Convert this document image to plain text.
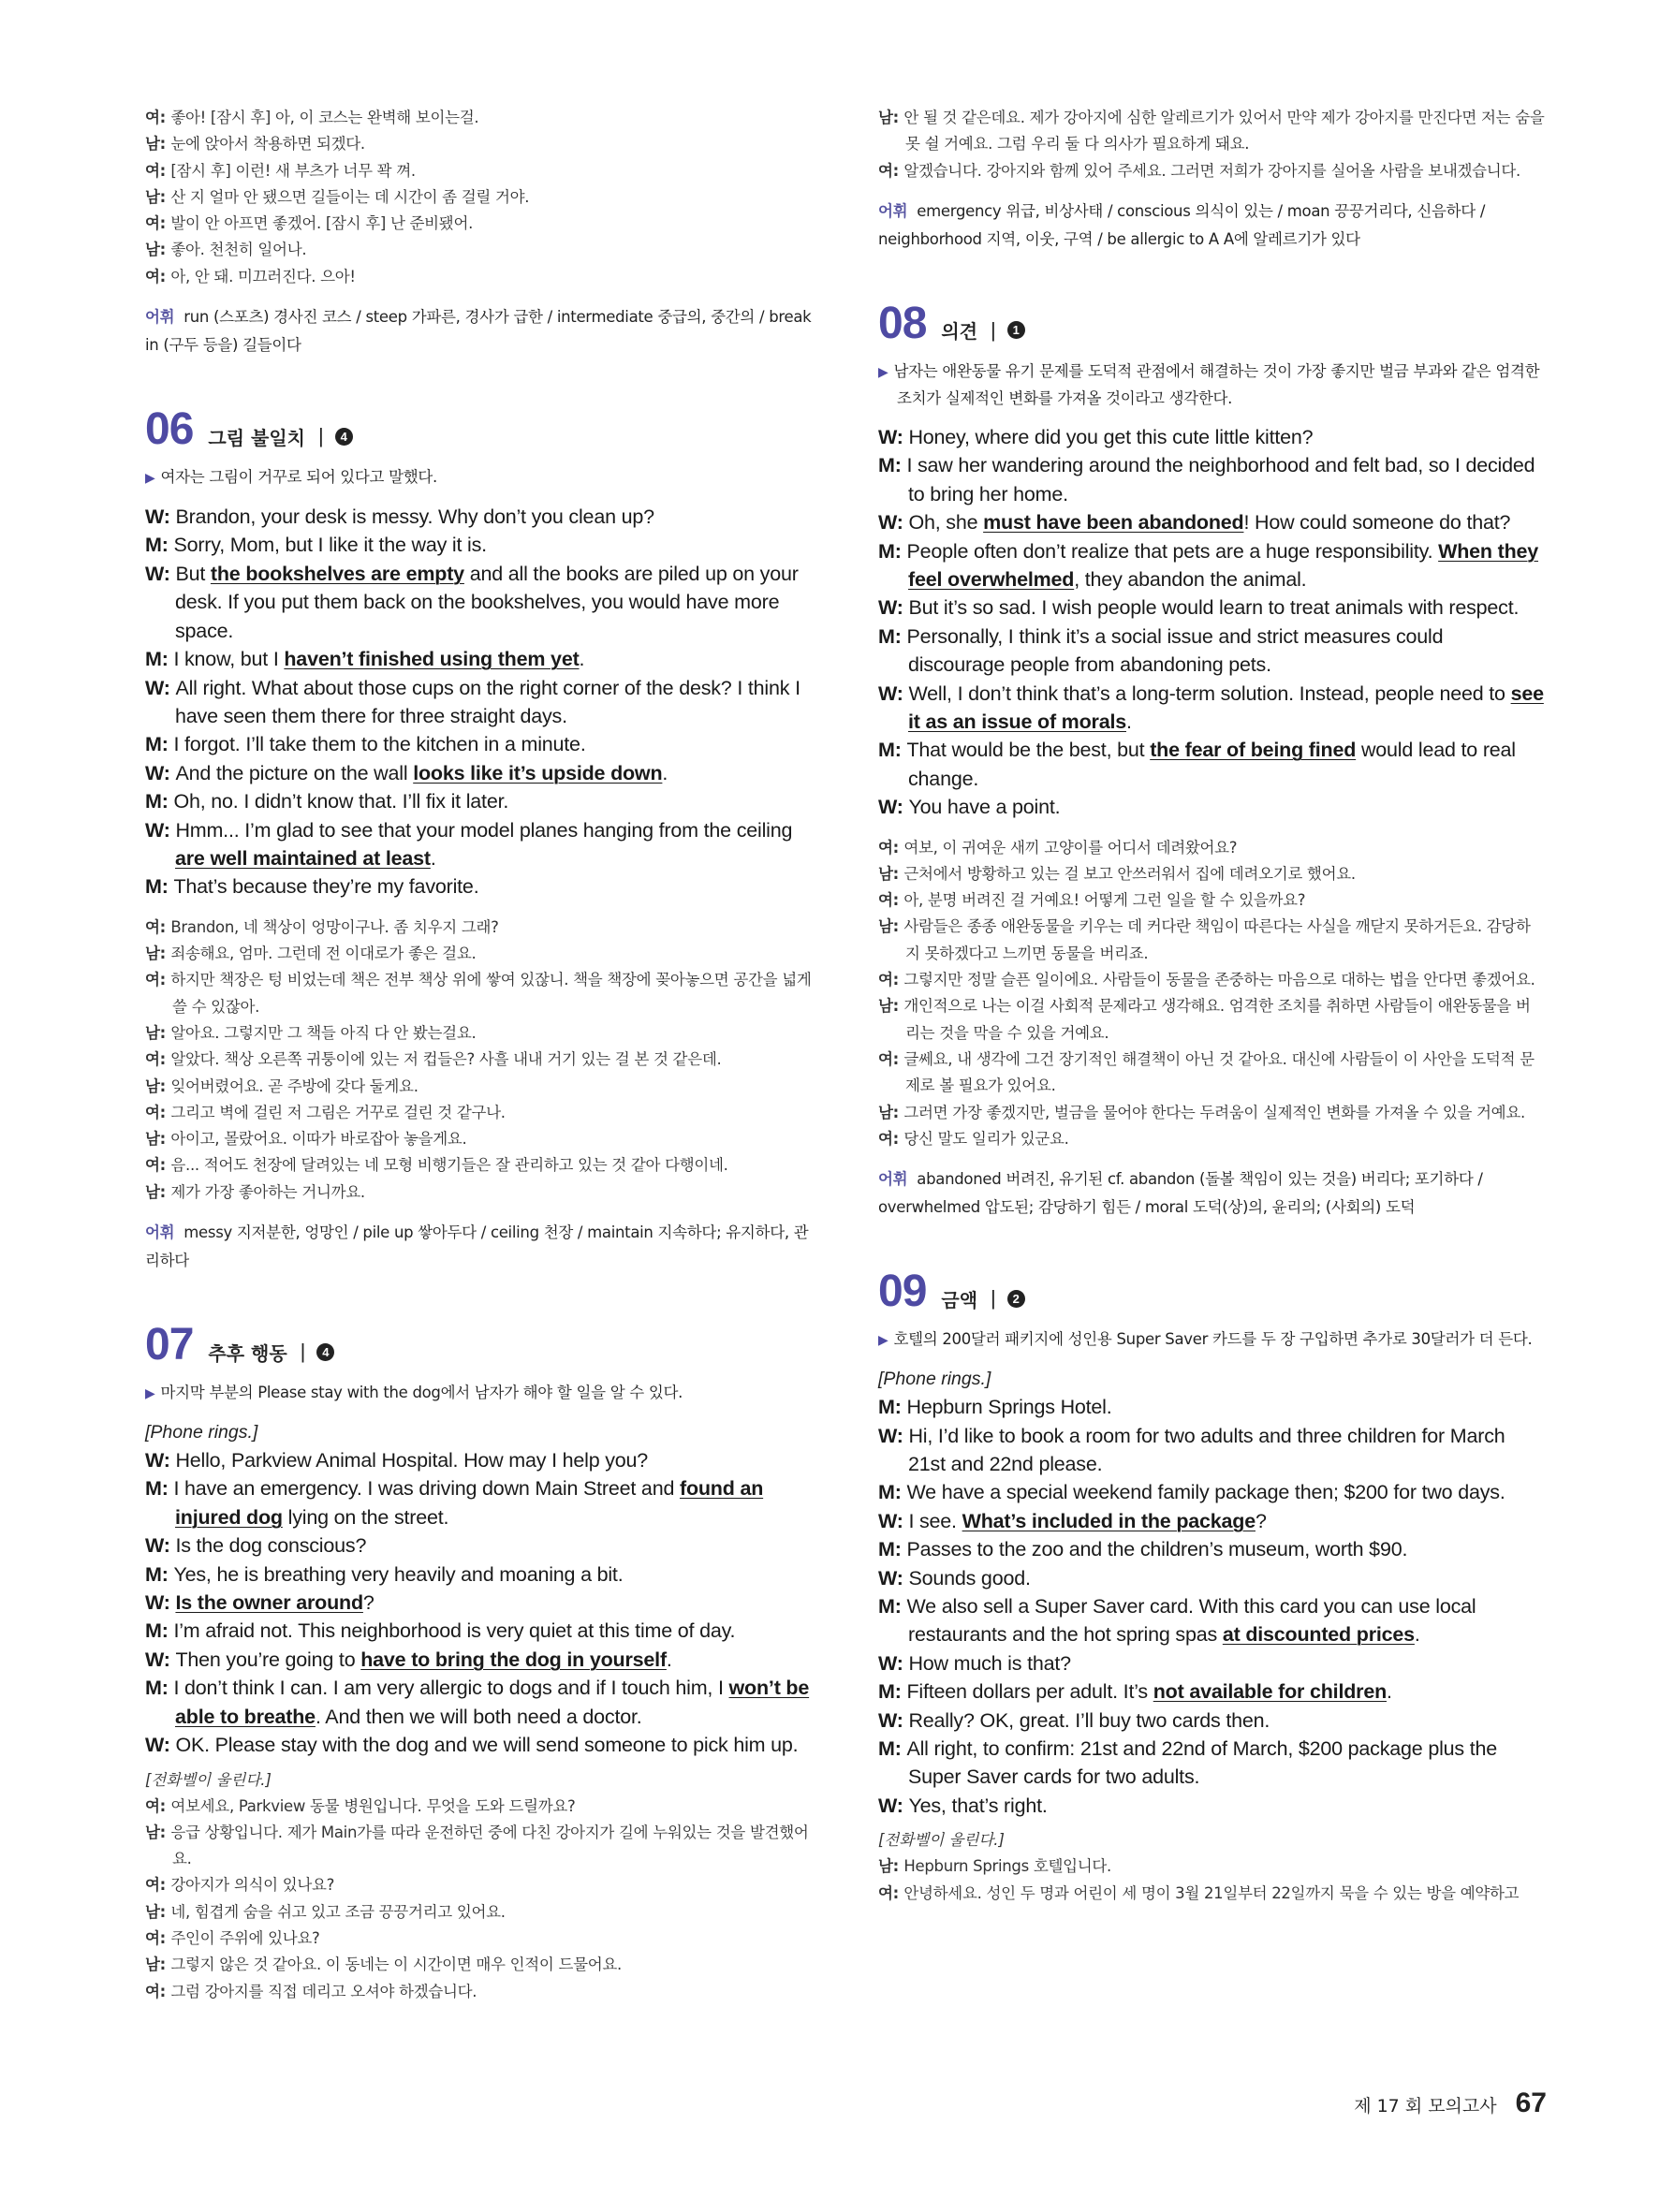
여: 좋아! [잠시 후] 아, 이 코스는 완벽해 보이는걸.
남: 눈에 앉아서 착용하면 되겠다.
여: [잠시 후] 이런! 새 부츠가 너무 꽉 껴.
남: 산 지 얼마 안 됐으면 길들이는 데 시간이 좀 걸릴 거야.
여: 발이 안 아프면 좋겠어. [잠시 후] 난 준비됐어.
남: 좋아. 천천히 일어나.
여: 아, 안 돼. 미끄러진다. 으아!
어휘 run (스포츠) 경사진 코스 / steep 가파른, 경사가 급한 / intermediate 중급의, 중간의 / break in (구두 등을) 길들이다
06 그림 불일치 |	4
▶ 여자는 그림이 거꾸로 되어 있다고 말했다.
W: Brandon, your desk is messy. Why don’t you clean up?
M: Sorry, Mom, but I like it the way it is.
W: But the bookshelves are empty and all the books are piled up on your desk. If you put them back on the bookshelves, you would have more space.
M: I know, but I haven’t finished using them yet.
W: All right. What about those cups on the right corner of the desk? I think I have seen them there for three straight days.
M: I forgot. I’ll take them to the kitchen in a minute.
W: And the picture on the wall looks like it’s upside down.
M: Oh, no. I didn’t know that. I’ll fix it later.
W: Hmm... I’m glad to see that your model planes hanging from the ceiling are well maintained at least.
M: That’s because they’re my favorite.
여: Brandon, 네 책상이 엉망이구나. 좀 치우지 그래?
남: 죄송해요, 엄마. 그런데 전 이대로가 좋은 걸요.
여: 하지만 책장은 텅 비었는데 책은 전부 책상 위에 쌓여 있잖니. 책을 책장에 꽂아놓으면 공간을 넓게 쓸 수 있잖아.
남: 알아요. 그렇지만 그 책들 아직 다 안 봤는걸요.
여: 알았다. 책상 오른쪽 귀퉁이에 있는 저 컵들은? 사흘 내내 거기 있는 걸 본 것 같은데.
남: 잊어버렸어요. 곧 주방에 갖다 둘게요.
여: 그리고 벽에 걸린 저 그림은 거꾸로 걸린 것 같구나.
남: 아이고, 몰랐어요. 이따가 바로잡아 놓을게요.
여: 음... 적어도 천장에 달려있는 네 모형 비행기들은 잘 관리하고 있는 것 같아 다행이네.
남: 제가 가장 좋아하는 거니까요.
어휘 messy 지저분한, 엉망인 / pile up 쌓아두다 / ceiling 천장 / maintain 지속하다; 유지하다, 관리하다
07 추후 행동 |	4
▶ 마지막 부분의 Please stay with the dog에서 남자가 해야 할 일을 알 수 있다.
[Phone rings.]
W: Hello, Parkview Animal Hospital. How may I help you?
M: I have an emergency. I was driving down Main Street and found an injured dog lying on the street.
W: Is the dog conscious?
M: Yes, he is breathing very heavily and moaning a bit.
W: Is the owner around?
M: I’m afraid not. This neighborhood is very quiet at this time of day.
W: Then you’re going to have to bring the dog in yourself.
M: I don’t think I can. I am very allergic to dogs and if I touch him, I won’t be able to breathe. And then we will both need a doctor.
W: OK. Please stay with the dog and we will send someone to pick him up.
[전화벨이 울린다.]
여: 여보세요, Parkview 동물 병원입니다. 무엇을 도와 드릴까요?
남: 응급 상황입니다. 제가 Main가를 따라 운전하던 중에 다친 강아지가 길에 누워있는 것을 발견했어요.
여: 강아지가 의식이 있나요?
남: 네, 힘겹게 숨을 쉬고 있고 조금 끙끙거리고 있어요.
여: 주인이 주위에 있나요?
남: 그렇지 않은 것 같아요. 이 동네는 이 시간이면 매우 인적이 드물어요.
여: 그럼 강아지를 직접 데리고 오셔야 하겠습니다.
남: 안 될 것 같은데요. 제가 강아지에 심한 알레르기가 있어서 만약 제가 강아지를 만진다면 저는 숨을 못 쉴 거예요. 그럼 우리 둘 다 의사가 필요하게 돼요.
여: 알겠습니다. 강아지와 함께 있어 주세요. 그러면 저희가 강아지를 실어올 사람을 보내겠습니다.
어휘 emergency 위급, 비상사태 / conscious 의식이 있는 / moan 끙끙거리다, 신음하다 / neighborhood 지역, 이웃, 구역 / be allergic to A A에 알레르기가 있다
08 의견 |	1
▶ 남자는 애완동물 유기 문제를 도덕적 관점에서 해결하는 것이 가장 좋지만 벌금 부과와 같은 엄격한 조치가 실제적인 변화를 가져올 것이라고 생각한다.
W: Honey, where did you get this cute little kitten?
M: I saw her wandering around the neighborhood and felt bad, so I decided to bring her home.
W: Oh, she must have been abandoned! How could someone do that?
M: People often don’t realize that pets are a huge responsibility. When they feel overwhelmed, they abandon the animal.
W: But it’s so sad. I wish people would learn to treat animals with respect.
M: Personally, I think it’s a social issue and strict measures could discourage people from abandoning pets.
W: Well, I don’t think that’s a long-term solution. Instead, people need to see it as an issue of morals.
M: That would be the best, but the fear of being fined would lead to real change.
W: You have a point.
여: 여보, 이 귀여운 새끼 고양이를 어디서 데려왔어요?
남: 근처에서 방황하고 있는 걸 보고 안쓰러워서 집에 데려오기로 했어요.
여: 아, 분명 버려진 걸 거예요! 어떻게 그런 일을 할 수 있을까요?
남: 사람들은 종종 애완동물을 키우는 데 커다란 책임이 따른다는 사실을 깨닫지 못하거든요. 감당하지 못하겠다고 느끼면 동물을 버리죠.
여: 그렇지만 정말 슬픈 일이에요. 사람들이 동물을 존중하는 마음으로 대하는 법을 안다면 좋겠어요.
남: 개인적으로 나는 이걸 사회적 문제라고 생각해요. 엄격한 조치를 취하면 사람들이 애완동물을 버리는 것을 막을 수 있을 거예요.
여: 글쎄요, 내 생각에 그건 장기적인 해결책이 아닌 것 같아요. 대신에 사람들이 이 사안을 도덕적 문제로 볼 필요가 있어요.
남: 그러면 가장 좋겠지만, 벌금을 물어야 한다는 두려움이 실제적인 변화를 가져올 수 있을 거예요.
여: 당신 말도 일리가 있군요.
어휘 abandoned 버려진, 유기된 cf. abandon (돌볼 책임이 있는 것을) 버리다; 포기하다 / overwhelmed 압도된; 감당하기 힘든 / moral 도덕(상)의, 윤리의; (사회의) 도덕
09 금액 |	2
▶ 호텔의 200달러 패키지에 성인용 Super Saver 카드를 두 장 구입하면 추가로 30달러가 더 든다.
[Phone rings.]
M: Hepburn Springs Hotel.
W: Hi, I’d like to book a room for two adults and three children for March 21st and 22nd please.
M: We have a special weekend family package then; $200 for two days.
W: I see. What’s included in the package?
M: Passes to the zoo and the children’s museum, worth $90.
W: Sounds good.
M: We also sell a Super Saver card. With this card you can use local restaurants and the hot spring spas at discounted prices.
W: How much is that?
M: Fifteen dollars per adult. It’s not available for children.
W: Really? OK, great. I’ll buy two cards then.
M: All right, to confirm: 21st and 22nd of March, $200 package plus the Super Saver cards for two adults.
W: Yes, that’s right.
[전화벨이 울린다.]
남: Hepburn Springs 호텔입니다.
여: 안녕하세요. 성인 두 명과 어린이 세 명이 3월 21일부터 22일까지 묵을 수 있는 방을 예약하고
제 17 회 모의고사 67
